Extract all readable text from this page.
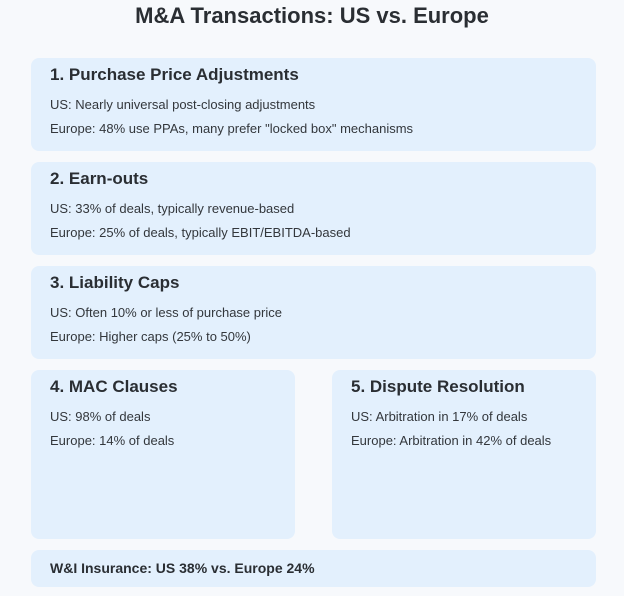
M&A Transactions: US vs. Europe
1. Purchase Price Adjustments
US: Nearly universal post-closing adjustments
Europe: 48% use PPAs, many prefer "locked box" mechanisms
2. Earn-outs
US: 33% of deals, typically revenue-based
Europe: 25% of deals, typically EBIT/EBITDA-based
3. Liability Caps
US: Often 10% or less of purchase price
Europe: Higher caps (25% to 50%)
4. MAC Clauses
US: 98% of deals
Europe: 14% of deals
5. Dispute Resolution
US: Arbitration in 17% of deals
Europe: Arbitration in 42% of deals
W&I Insurance: US 38% vs. Europe 24%
